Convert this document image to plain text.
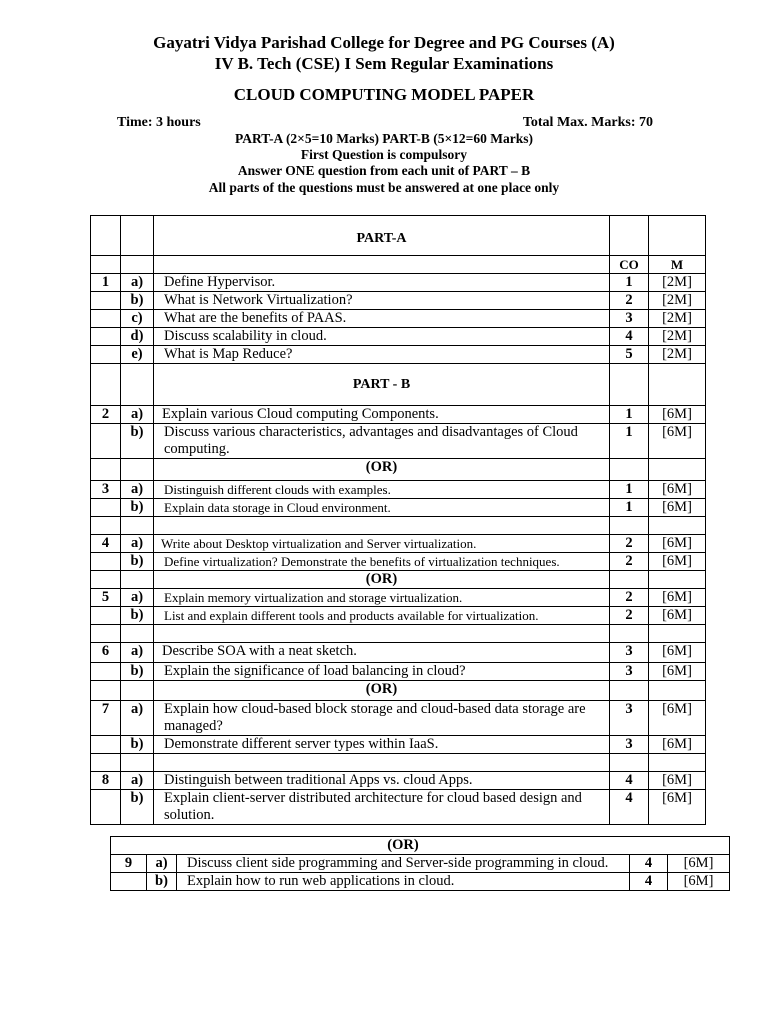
Gayatri Vidya Parishad College for Degree and PG Courses (A)
IV B. Tech (CSE) I Sem Regular Examinations
CLOUD COMPUTING MODEL PAPER
Time: 3 hours	Total Max. Marks: 70
PART-A (2×5=10 Marks) PART-B (5×12=60 Marks)
First Question is compulsory
Answer ONE question from each unit of PART – B
All parts of the questions must be answered at one place only
		PART-A		
			CO	M
1	a)	Define Hypervisor.	1	[2M]
	b)	What is Network Virtualization?	2	[2M]
	c)	What are the benefits of PAAS.	3	[2M]
	d)	Discuss scalability in cloud.	4	[2M]
	e)	What is Map Reduce?	5	[2M]
		PART - B		
2	a)	Explain various Cloud computing Components.	1	[6M]
	b)	Discuss various characteristics, advantages and disadvantages of Cloud computing.	1	[6M]
		(OR)		
3	a)	Distinguish different clouds with examples.	1	[6M]
	b)	Explain data storage in Cloud environment.	1	[6M]

4	a)	Write about Desktop virtualization and Server virtualization.	2	[6M]
	b)	Define virtualization? Demonstrate the benefits of virtualization techniques.	2	[6M]
		(OR)		
5	a)	Explain memory virtualization and storage virtualization.	2	[6M]
	b)	List and explain different tools and products available for virtualization.	2	[6M]

6	a)	Describe SOA with a neat sketch.	3	[6M]
	b)	Explain the significance of load balancing in cloud?	3	[6M]
		(OR)		
7	a)	Explain how cloud-based block storage and cloud-based data storage are managed?	3	[6M]
	b)	Demonstrate different server types within IaaS.	3	[6M]

8	a)	Distinguish between traditional Apps vs. cloud Apps.	4	[6M]
	b)	Explain client-server distributed architecture for cloud based design and solution.	4	[6M]
		(OR)		
9	a)	Discuss client side programming and Server-side programming in cloud.	4	[6M]
	b)	Explain how to run web applications in cloud.	4	[6M]
